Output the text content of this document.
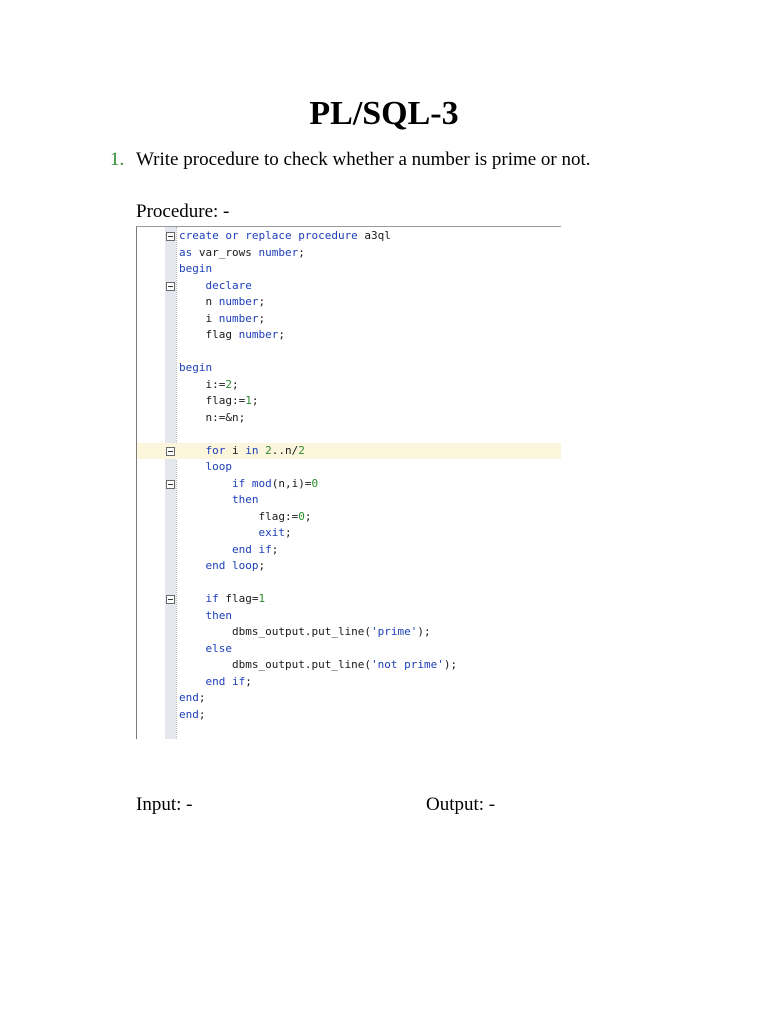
PL/SQL-3
1. Write procedure to check whether a number is prime or not.
Procedure: -
create or replace procedure a3ql
as var_rows number;
begin
declare
n number;
i number;
flag number;
begin
i:=2;
flag:=1;
n:=&n;
for i in 2..n/2
loop
if mod(n,i)=0
then
flag:=0;
exit;
end if;
end loop;
if flag=1
then
dbms_output.put_line('prime');
else
dbms_output.put_line('not prime');
end if;
end;
end;
Input: -	Output: -
